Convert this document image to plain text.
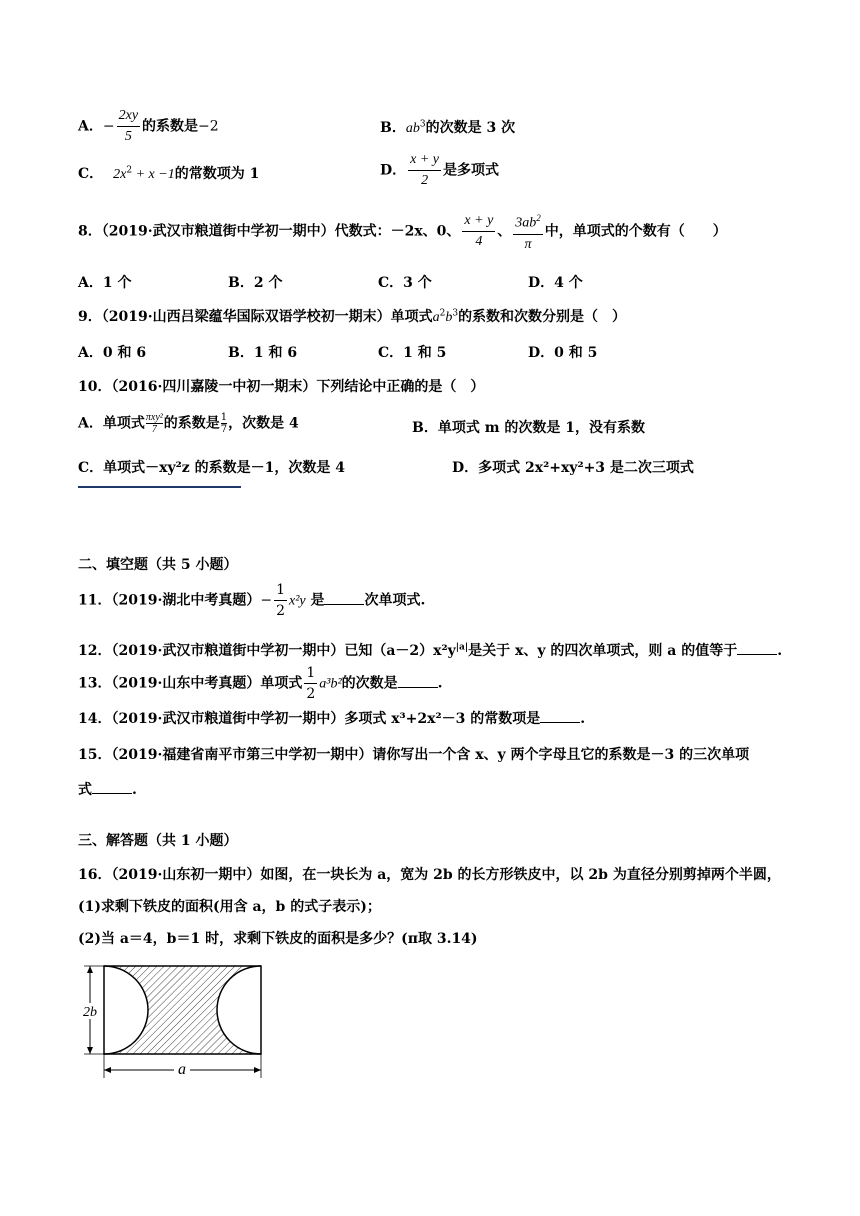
A．− $\frac{2xy}{5}$ 的系数是−2	B．$ab^3$的次数是 3 次
C． $2x^2 + x -1$的常数项为 1	D． $\frac{x + y}{2}$ 是多项式
8．（2019·武汉市粮道街中学初一期中）代数式：－2x、0、 $\frac{x + y}{4}$ 、 $\frac{3ab^2}{\pi}$ 中，单项式的个数有（　　）
A．1 个	B．2 个	C．3 个	D．4 个
9．（2019·山西吕梁蕴华国际双语学校初一期末）单项式$a^2b^3$的系数和次数分别是（　）
A．0 和 6	B．1 和 6	C．1 和 5	D．0 和 5
10．（2016·四川嘉陵一中初一期末）下列结论中正确的是（　）
A．单项式 πxy²
7 的系数是 $\frac{1}{7}$ ，次数是 4	B．单项式 m 的次数是 1，没有系数
C．单项式－xy²z 的系数是－1，次数是 4	D．多项式 2x²+xy²+3 是二次三项式
二、填空题（共 5 小题）
11．（2019·湖北中考真题）− $\frac{1}{2} x^2y$ 是	次单项式.
12．（2019·武汉市粮道街中学初一期中）已知$(a-2)x^2y^{|a|}$是关于 x、y 的四次单项式，则 a 的值等于	.
13．（2019·山东中考真题）单项式 $\frac{1}{2} a^3b^2$的次数是	.
14．（2019·武汉市粮道街中学初一期中）多项式 x³+2x²－3 的常数项是	.
15．（2019·福建省南平市第三中学初一期中）请你写出一个含 x、y 两个字母且它的系数是－3 的三次单项
式	.
三、解答题（共 1 小题）
16．（2019·山东初一期中）如图，在一块长为 a，宽为 2b 的长方形铁皮中，以 2b 为直径分别剪掉两个半圆，
(1)求剩下铁皮的面积(用含 a，b 的式子表示)；
(2)当 a＝4，b＝1 时，求剩下铁皮的面积是多少？(π取 3.14)
2b
a
